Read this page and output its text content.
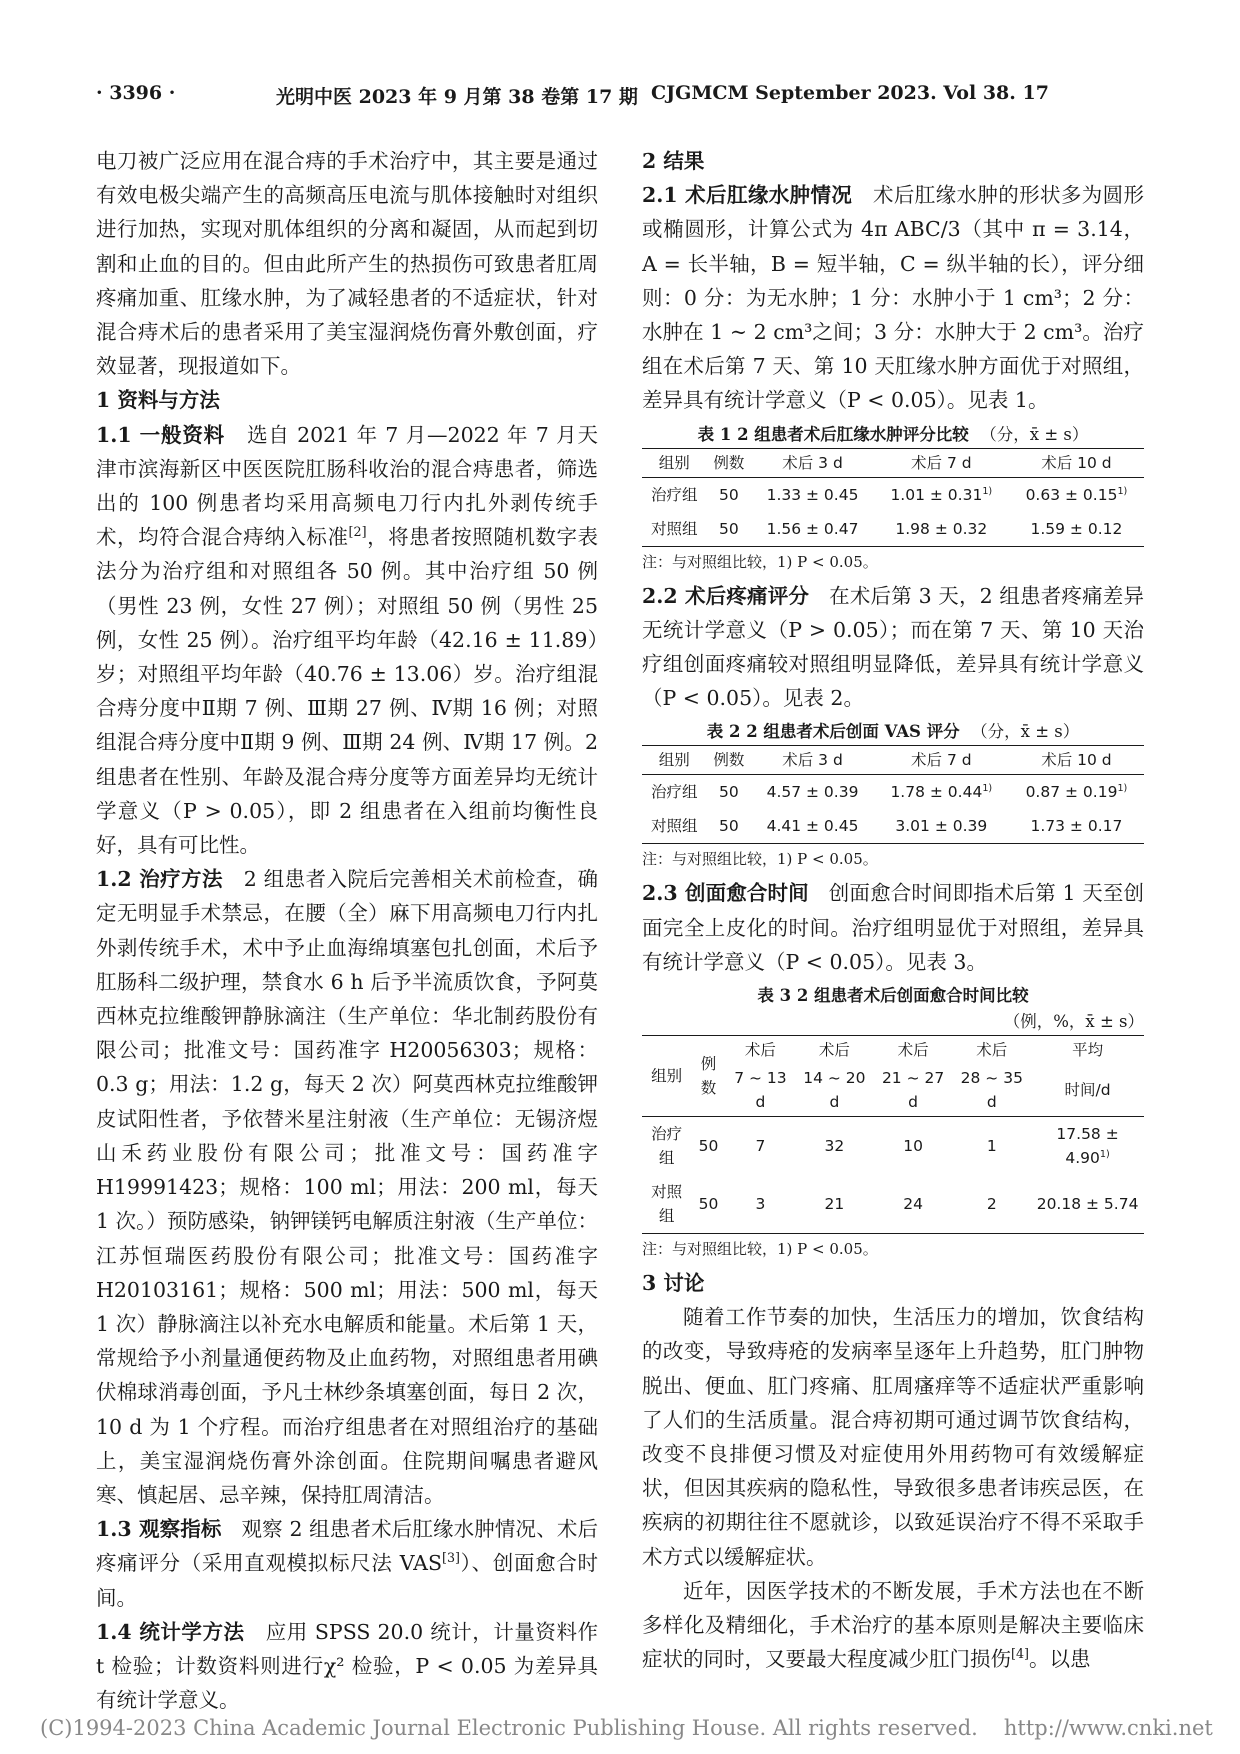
· 3396 ·	光明中医 2023 年 9 月第 38 卷第 17 期 CJGMCM September 2023. Vol 38. 17

电刀被广泛应用在混合痔的手术治疗中，其主要是通过有效电极尖端产生的高频高压电流与肌体接触时对组织进行加热，实现对肌体组织的分离和凝固，从而起到切割和止血的目的。但由此所产生的热损伤可致患者肛周疼痛加重、肛缘水肿，为了减轻患者的不适症状，针对混合痔术后的患者采用了美宝湿润烧伤膏外敷创面，疗效显著，现报道如下。

1 资料与方法

1.1 一般资料 选自 2021 年 7 月—2022 年 7 月天津市滨海新区中医医院肛肠科收治的混合痔患者，筛选出的 100 例患者均采用高频电刀行内扎外剥传统手术，均符合混合痔纳入标准[2]，将患者按照随机数字表法分为治疗组和对照组各 50 例。其中治疗组 50 例（男性 23 例，女性 27 例）；对照组 50 例（男性 25 例，女性 25 例）。治疗组平均年龄（42.16 ± 11.89）岁；对照组平均年龄（40.76 ± 13.06）岁。治疗组混合痔分度中Ⅱ期 7 例、Ⅲ期 27 例、Ⅳ期 16 例；对照组混合痔分度中Ⅱ期 9 例、Ⅲ期 24 例、Ⅳ期 17 例。2 组患者在性别、年龄及混合痔分度等方面差异均无统计学意义（P > 0.05），即 2 组患者在入组前均衡性良好，具有可比性。

1.2 治疗方法 2 组患者入院后完善相关术前检查，确定无明显手术禁忌，在腰（全）麻下用高频电刀行内扎外剥传统手术，术中予止血海绵填塞包扎创面，术后予肛肠科二级护理，禁食水 6 h 后予半流质饮食，予阿莫西林克拉维酸钾静脉滴注（生产单位：华北制药股份有限公司；批准文号：国药准字 H20056303；规格：0.3 g；用法：1.2 g，每天 2 次）阿莫西林克拉维酸钾皮试阳性者，予依替米星注射液（生产单位：无锡济煜山禾药业股份有限公司；批准文号：国药准字 H19991423；规格：100 ml；用法：200 ml，每天 1 次。）预防感染，钠钾镁钙电解质注射液（生产单位：江苏恒瑞医药股份有限公司；批准文号：国药准字 H20103161；规格：500 ml；用法：500 ml，每天 1 次）静脉滴注以补充水电解质和能量。术后第 1 天，常规给予小剂量通便药物及止血药物，对照组患者用碘伏棉球消毒创面，予凡士林纱条填塞创面，每日 2 次，10 d 为 1 个疗程。而治疗组患者在对照组治疗的基础上，美宝湿润烧伤膏外涂创面。住院期间嘱患者避风寒、慎起居、忌辛辣，保持肛周清洁。

1.3 观察指标 观察 2 组患者术后肛缘水肿情况、术后疼痛评分（采用直观模拟标尺法 VAS[3]）、创面愈合时间。

1.4 统计学方法 应用 SPSS 20.0 统计，计量资料作 t 检验；计数资料则进行χ² 检验，P < 0.05 为差异具有统计学意义。

2 结果

2.1 术后肛缘水肿情况 术后肛缘水肿的形状多为圆形或椭圆形，计算公式为 4π ABC/3（其中 π = 3.14，A = 长半轴，B = 短半轴，C = 纵半轴的长），评分细则：0 分：为无水肿；1 分：水肿小于 1 cm³；2 分：水肿在 1 ~ 2 cm³之间；3 分：水肿大于 2 cm³。治疗组在术后第 7 天、第 10 天肛缘水肿方面优于对照组，差异具有统计学意义（P < 0.05）。见表 1。

表 1 2 组患者术后肛缘水肿评分比较 （分，x̄ ± s）
组别	例数	术后 3 d	术后 7 d	术后 10 d
治疗组	50	1.33 ± 0.45	$1.01 \pm 0.31^{1)}$	$0.63 \pm 0.15^{1)}$
对照组	50	1.56 ± 0.47	1.98 ± 0.32	1.59 ± 0.12
注：与对照组比较，1) P < 0.05。

2.2 术后疼痛评分 在术后第 3 天，2 组患者疼痛差异无统计学意义（P > 0.05）；而在第 7 天、第 10 天治疗组创面疼痛较对照组明显降低，差异具有统计学意义（P < 0.05）。见表 2。

表 2 2 组患者术后创面 VAS 评分 （分，x̄ ± s）
组别	例数	术后 3 d	术后 7 d	术后 10 d
治疗组	50	4.57 ± 0.39	$1.78 \pm 0.44^{1)}$	$0.87 \pm 0.19^{1)}$
对照组	50	4.41 ± 0.45	3.01 ± 0.39	1.73 ± 0.17
注：与对照组比较，1) P < 0.05。

2.3 创面愈合时间 创面愈合时间即指术后第 1 天至创面完全上皮化的时间。治疗组明显优于对照组，差异具有统计学意义（P < 0.05）。见表 3。

表 3 2 组患者术后创面愈合时间比较
（例，%，x̄ ± s）
组别	例数	术后	术后	术后	术后	平均
		7 ~ 13 d	14 ~ 20 d	21 ~ 27 d	28 ~ 35 d	时间/d
治疗组	50	7	32	10	1	$17.58 \pm 4.90^{1)}$
对照组	50	3	21	24	2	20.18 ± 5.74
注：与对照组比较，1) P < 0.05。
3 讨论

随着工作节奏的加快，生活压力的增加，饮食结构的改变，导致痔疮的发病率呈逐年上升趋势，肛门肿物脱出、便血、肛门疼痛、肛周瘙痒等不适症状严重影响了人们的生活质量。混合痔初期可通过调节饮食结构，改变不良排便习惯及对症使用外用药物可有效缓解症状，但因其疾病的隐私性，导致很多患者讳疾忌医，在疾病的初期往往不愿就诊，以致延误治疗不得不采取手术方式以缓解症状。

近年，因医学技术的不断发展，手术方法也在不断多样化及精细化，手术治疗的基本原则是解决主要临床症状的同时，又要最大程度减少肛门损伤[4]。以患

(C)1994-2023 China Academic Journal Electronic Publishing House. All rights reserved. http://www.cnki.net
